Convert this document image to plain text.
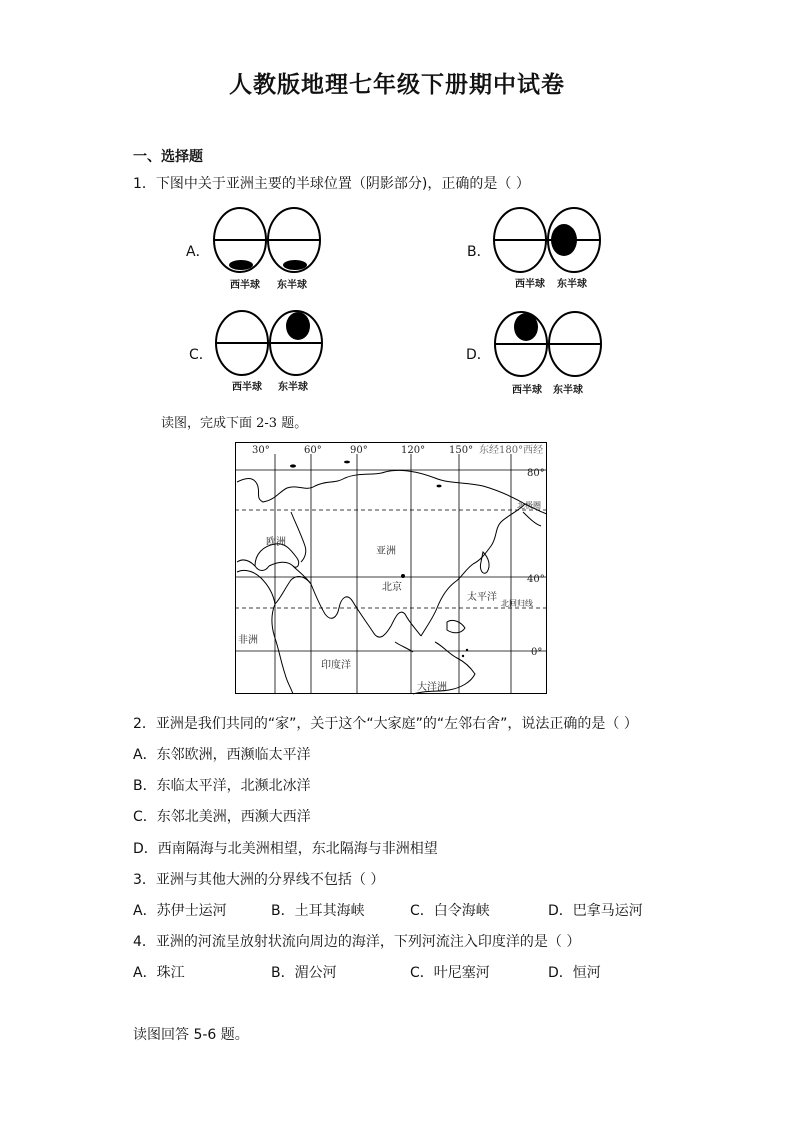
人教版地理七年级下册期中试卷
一、选择题
1．下图中关于亚洲主要的半球位置（阴影部分)，正确的是（ ）
A．
西半球 东半球
B．
西半球 东半球
C．
西半球 东半球
D．
西半球 东半球
读图，完成下面 2-3 题。
30°	60°	90°	120° 150° 东经180°西经
80°
北极圈
40°
北回归线
0°
欧洲
亚洲
北京
太平洋
非洲
印度洋
大洋洲
2．亚洲是我们共同的“家”，关于这个“大家庭”的“左邻右舍”，说法正确的是（ ）
A．东邻欧洲，西濒临太平洋
B．东临太平洋，北濒北冰洋
C．东邻北美洲，西濒大西洋
D．西南隔海与北美洲相望，东北隔海与非洲相望
3．亚洲与其他大洲的分界线不包括（ ）
A．苏伊士运河	B．土耳其海峡	C．白令海峡	D．巴拿马运河
4．亚洲的河流呈放射状流向周边的海洋，下列河流注入印度洋的是（ ）
A．珠江	B．湄公河	C．叶尼塞河	D．恒河
读图回答 5-6 题。
